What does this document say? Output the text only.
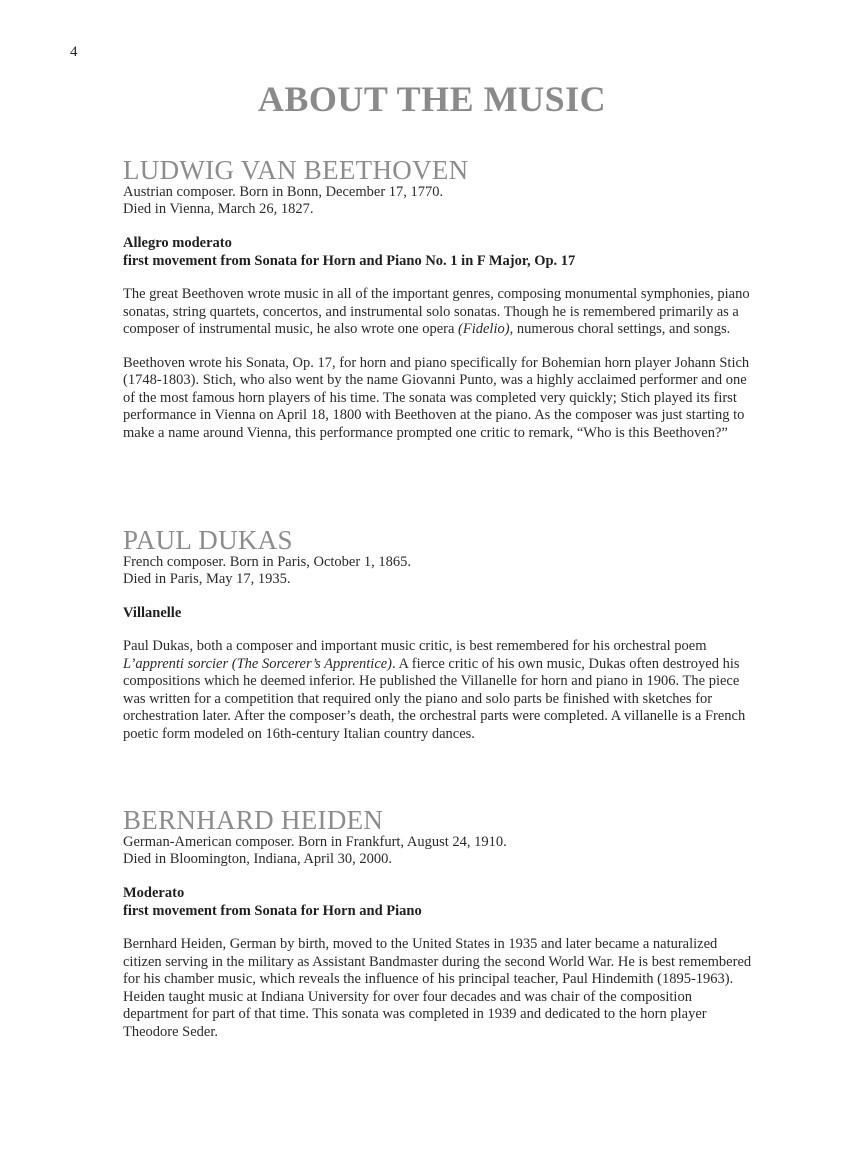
4
ABOUT THE MUSIC
LUDWIG VAN BEETHOVEN

Austrian composer. Born in Bonn, December 17, 1770.

Died in Vienna, March 26, 1827.

Allegro moderato

first movement from Sonata for Horn and Piano No. 1 in F Major, Op. 17

The great Beethoven wrote music in all of the important genres, composing monumental symphonies, piano sonatas, string quartets, concertos, and instrumental solo sonatas. Though he is remembered primarily as a composer of instrumental music, he also wrote one opera (Fidelio), numerous choral settings, and songs.

Beethoven wrote his Sonata, Op. 17, for horn and piano specifically for Bohemian horn player Johann Stich (1748-1803). Stich, who also went by the name Giovanni Punto, was a highly acclaimed performer and one of the most famous horn players of his time. The sonata was completed very quickly; Stich played its first performance in Vienna on April 18, 1800 with Beethoven at the piano. As the composer was just starting to make a name around Vienna, this performance prompted one critic to remark, “Who is this Beethoven?”

PAUL DUKAS

French composer. Born in Paris, October 1, 1865.

Died in Paris, May 17, 1935.

Villanelle

Paul Dukas, both a composer and important music critic, is best remembered for his orchestral poem L’apprenti sorcier (The Sorcerer’s Apprentice). A fierce critic of his own music, Dukas often destroyed his compositions which he deemed inferior. He published the Villanelle for horn and piano in 1906. The piece was written for a competition that required only the piano and solo parts be finished with sketches for orchestration later. After the composer’s death, the orchestral parts were completed. A villanelle is a French poetic form modeled on 16th-century Italian country dances.

BERNHARD HEIDEN

German-American composer. Born in Frankfurt, August 24, 1910.

Died in Bloomington, Indiana, April 30, 2000.

Moderato

first movement from Sonata for Horn and Piano

Bernhard Heiden, German by birth, moved to the United States in 1935 and later became a naturalized citizen serving in the military as Assistant Bandmaster during the second World War. He is best remembered for his chamber music, which reveals the influence of his principal teacher, Paul Hindemith (1895-1963). Heiden taught music at Indiana University for over four decades and was chair of the composition department for part of that time. This sonata was completed in 1939 and dedicated to the horn player Theodore Seder.
